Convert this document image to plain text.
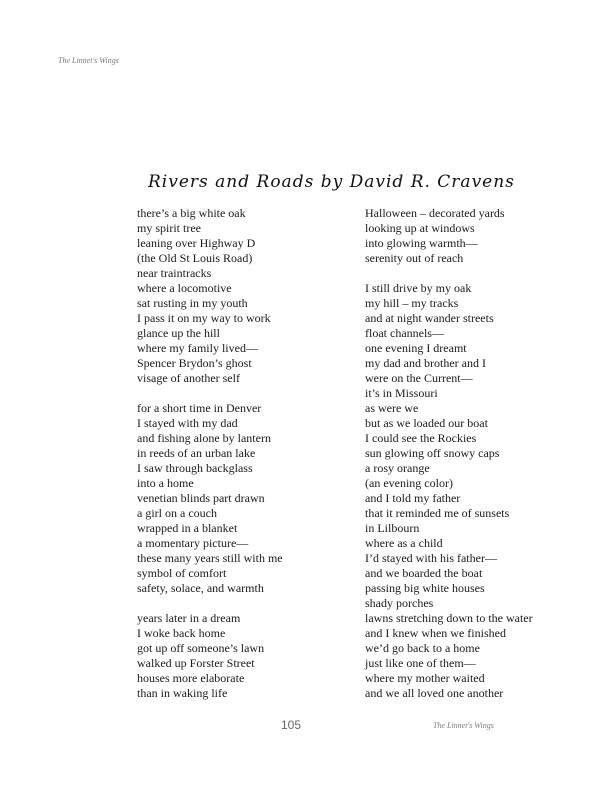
The Linnet's Wings
Rivers and Roads by David R. Cravens
there’s a big white oak
my spirit tree
leaning over Highway D
(the Old St Louis Road)
near traintracks
where a locomotive
sat rusting in my youth
I pass it on my way to work
glance up the hill
where my family lived—
Spencer Brydon’s ghost
visage of another self
for a short time in Denver
I stayed with my dad
and fishing alone by lantern
in reeds of an urban lake
I saw through backglass
into a home
venetian blinds part drawn
a girl on a couch
wrapped in a blanket
a momentary picture—
these many years still with me
symbol of comfort
safety, solace, and warmth
years later in a dream
I woke back home
got up off someone’s lawn
walked up Forster Street
houses more elaborate
than in waking life
Halloween – decorated yards
looking up at windows
into glowing warmth—
serenity out of reach
I still drive by my oak
my hill – my tracks
and at night wander streets
float channels—
one evening I dreamt
my dad and brother and I
were on the Current—
it’s in Missouri
as were we
but as we loaded our boat
I could see the Rockies
sun glowing off snowy caps
a rosy orange
(an evening color)
and I told my father
that it reminded me of sunsets
in Lilbourn
where as a child
I’d stayed with his father—
and we boarded the boat
passing big white houses
shady porches
lawns stretching down to the water
and I knew when we finished
we’d go back to a home
just like one of them—
where my mother waited
and we all loved one another
105	The Linnet's Wings
